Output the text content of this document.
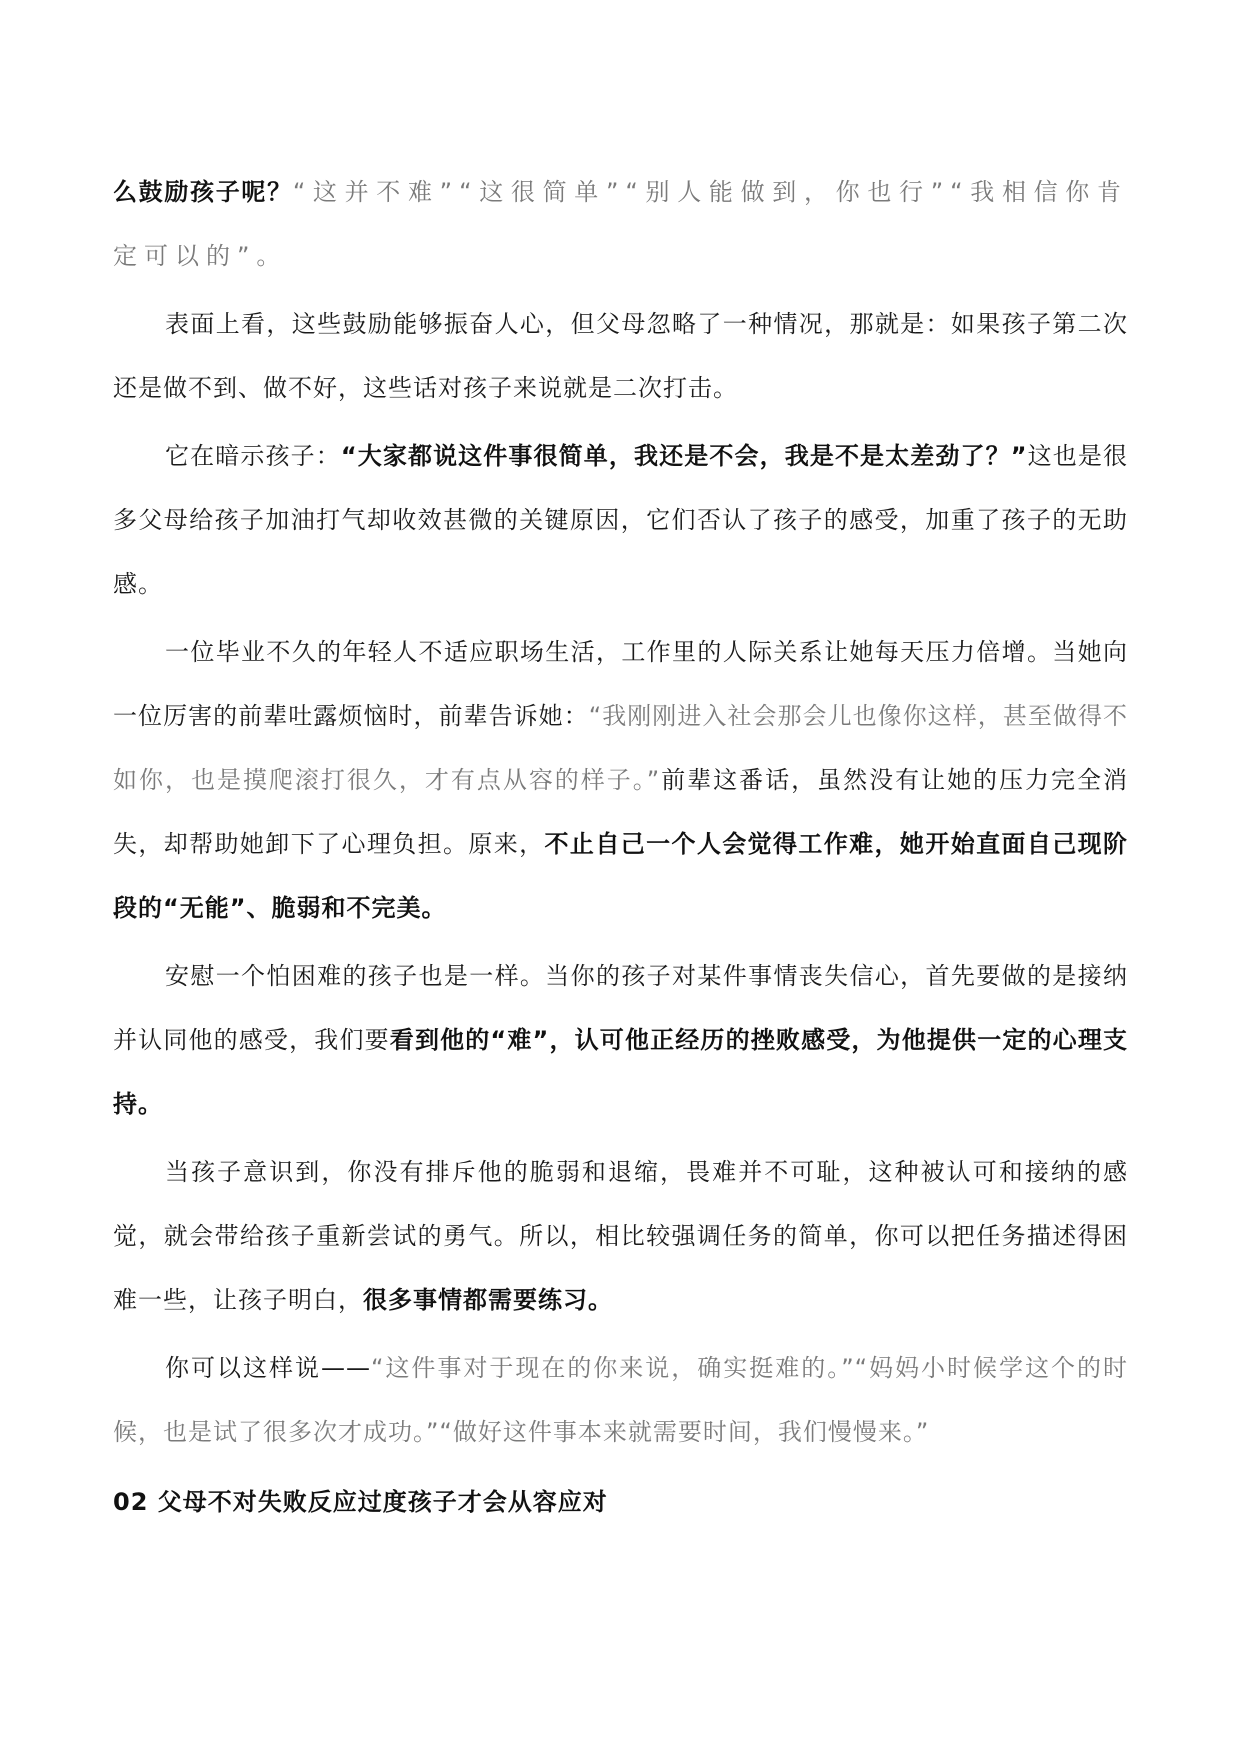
么鼓励孩子呢？“这并不难”“这很简单”“别人能做到，你也行”“我相信你肯定可以的”。

表面上看，这些鼓励能够振奋人心，但父母忽略了一种情况，那就是：如果孩子第二次还是做不到、做不好，这些话对孩子来说就是二次打击。

它在暗示孩子：“大家都说这件事很简单，我还是不会，我是不是太差劲了？”这也是很多父母给孩子加油打气却收效甚微的关键原因，它们否认了孩子的感受，加重了孩子的无助感。

一位毕业不久的年轻人不适应职场生活，工作里的人际关系让她每天压力倍增。当她向一位厉害的前辈吐露烦恼时，前辈告诉她：“我刚刚进入社会那会儿也像你这样，甚至做得不如你，也是摸爬滚打很久，才有点从容的样子。”前辈这番话，虽然没有让她的压力完全消失，却帮助她卸下了心理负担。原来，不止自己一个人会觉得工作难，她开始直面自己现阶段的“无能”、脆弱和不完美。

安慰一个怕困难的孩子也是一样。当你的孩子对某件事情丧失信心，首先要做的是接纳并认同他的感受，我们要看到他的“难”，认可他正经历的挫败感受，为他提供一定的心理支持。

当孩子意识到，你没有排斥他的脆弱和退缩，畏难并不可耻，这种被认可和接纳的感觉，就会带给孩子重新尝试的勇气。所以，相比较强调任务的简单，你可以把任务描述得困难一些，让孩子明白，很多事情都需要练习。

你可以这样说——“这件事对于现在的你来说，确实挺难的。”“妈妈小时候学这个的时候，也是试了很多次才成功。”“做好这件事本来就需要时间，我们慢慢来。”

02 父母不对失败反应过度孩子才会从容应对
